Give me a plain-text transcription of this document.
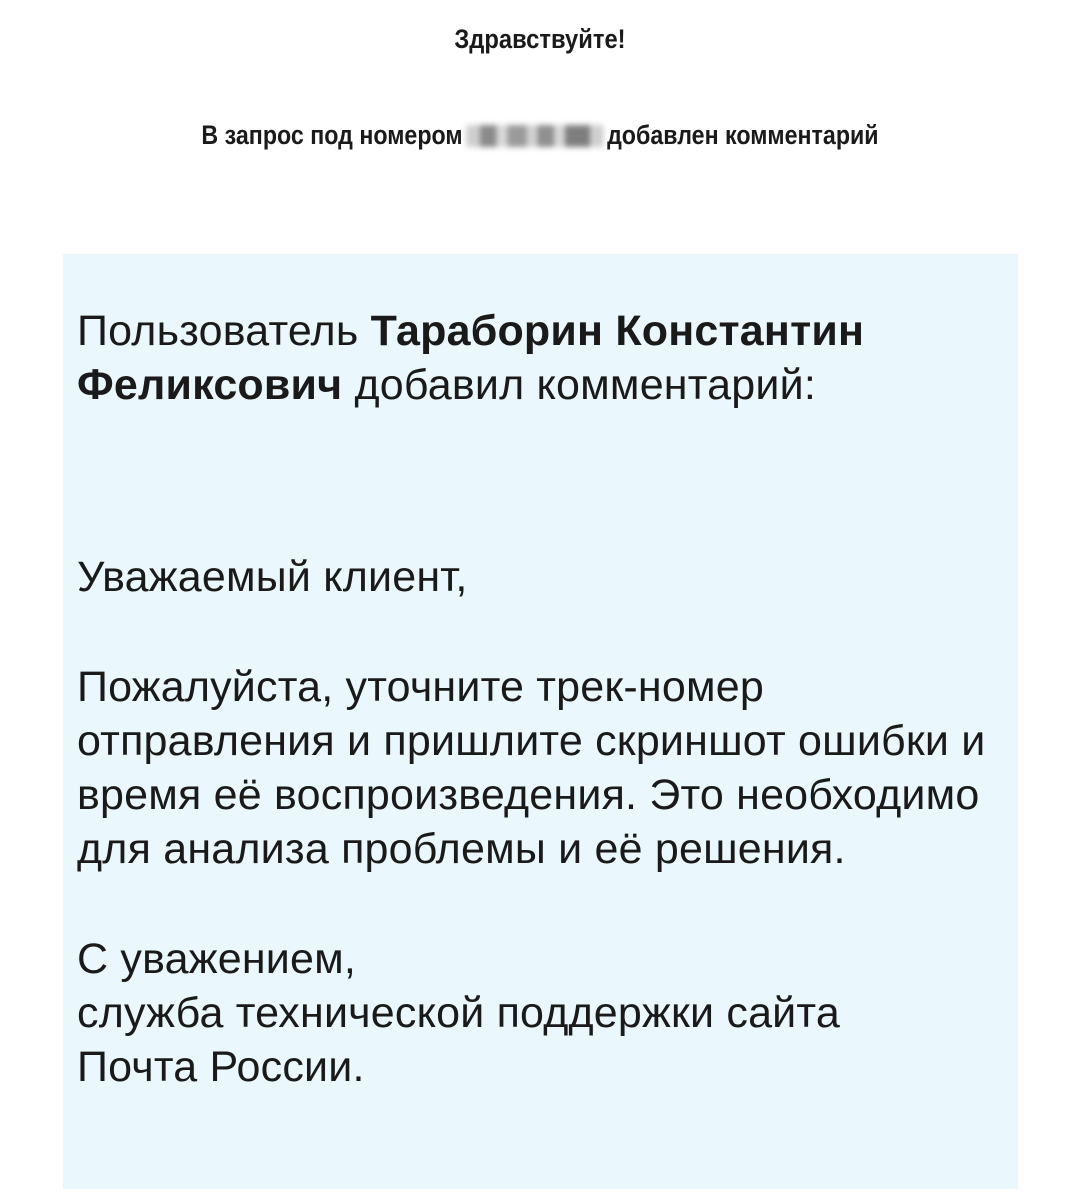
Здравствуйте!
В запрос под номером	добавлен комментарий

Пользователь Тараборин Константин Феликсович добавил комментарий:

Уважаемый клиент,

Пожалуйста, уточните трек-номер отправления и пришлите скриншот ошибки и время её воспроизведения. Это необходимо для анализа проблемы и её решения.

С уважением,

служба технической поддержки сайта

Почта России.
